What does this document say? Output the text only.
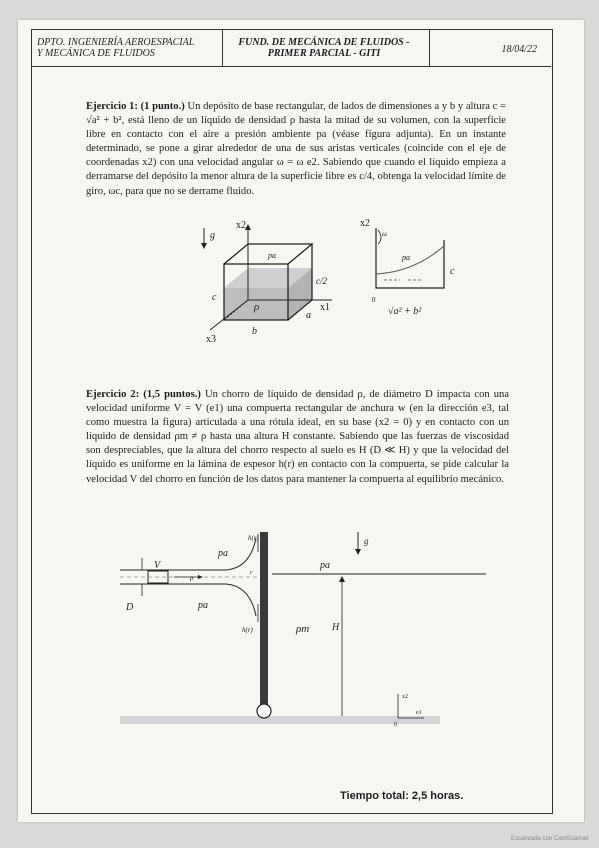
DPTO. INGENIERÍA AEROESPACIAL
Y MECÁNICA DE FLUIDOS
FUND. DE MECÁNICA DE FLUIDOS -
PRIMER PARCIAL - GITI	18/04/22

Ejercicio 1: (1 punto.) Un depósito de base rectangular, de lados de dimensiones a y b y altura c = √a² + b², está lleno de un líquido de densidad ρ hasta la mitad de su volumen, con la superficie libre en contacto con el aire a presión ambiente pa (véase figura adjunta). En un instante determinado, se pone a girar alrededor de una de sus aristas verticales (coincide con el eje de coordenadas x2) con una velocidad angular ω = ω e2. Sabiendo que cuando el líquido empieza a derramarse del depósito la menor altura de la superficie libre es c/4, obtenga la velocidad límite de giro, ωc, para que no se derrame fluido.

g
x2
x1
x3
pa
ρ
c/2
c
a
b
x2
ω
pa
c
0
√a² + b²

Ejercicio 2: (1,5 puntos.) Un chorro de líquido de densidad ρ, de diámetro D impacta con una velocidad uniforme V = V (e1) una compuerta rectangular de anchura w (en la dirección e3, tal como muestra la figura) articulada a una rótula ideal, en su base (x2 = 0) y en contacto con un líquido de densidad ρm ≠ ρ hasta una altura H constante. Sabiendo que las fuerzas de viscosidad son despreciables, que la altura del chorro respecto al suelo es H (D ≪ H) y que la velocidad del líquido es uniforme en la lámina de espesor h(r) en contacto con la compuerta, se pide calcular la velocidad V del chorro en función de los datos para mantener la compuerta al equilibrio mecánico.

h(r)
h(r)
pa
pa
pa
V
D
ρ
ρm H
g
r
x2
e1
0
Tiempo total: 2,5 horas.
Escaneado con CamScanner
